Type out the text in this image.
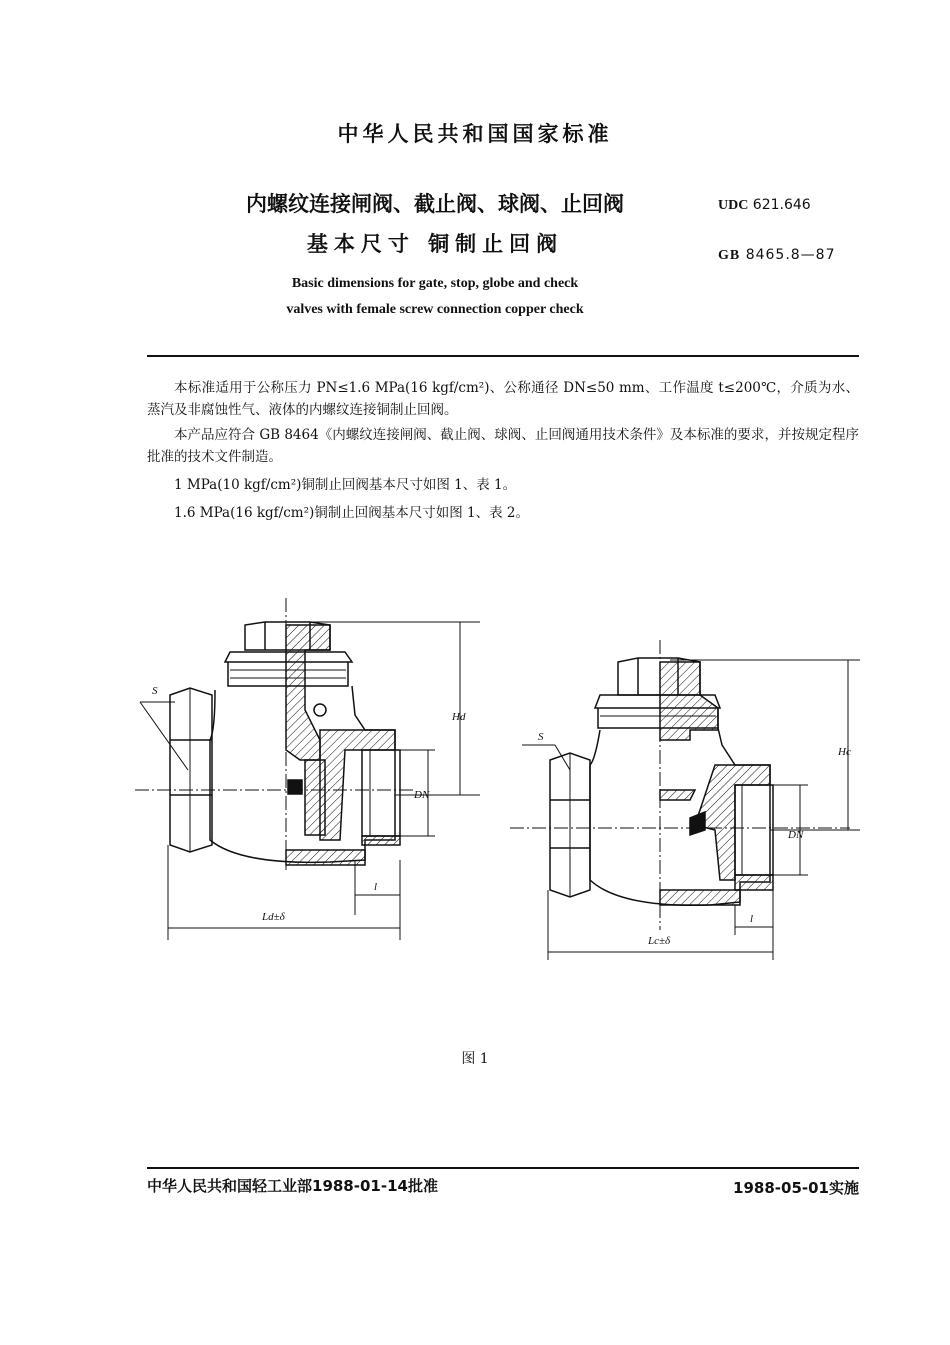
中华人民共和国国家标准
内螺纹连接闸阀、截止阀、球阀、止回阀
基本尺寸 铜制止回阀
UDC 621.646
GB 8465.8—87
Basic dimensions for gate, stop, globe and check
valves with female screw connection copper check
本标准适用于公称压力 PN≤1.6 MPa(16 kgf/cm²)、公称通径 DN≤50 mm、工作温度 t≤200℃，介质为水、蒸汽及非腐蚀性气、液体的内螺纹连接铜制止回阀。
本产品应符合 GB 8464《内螺纹连接闸阀、截止阀、球阀、止回阀通用技术条件》及本标准的要求，并按规定程序批准的技术文件制造。
1 MPa(10 kgf/cm²)铜制止回阀基本尺寸如图 1、表 1。
1.6 MPa(16 kgf/cm²)铜制止回阀基本尺寸如图 1、表 2。
S
Hd
DN
l
Ld±δ
S
Hc
DN
l
Lc±δ
图 1
中华人民共和国轻工业部1988-01-14批准	1988-05-01实施
